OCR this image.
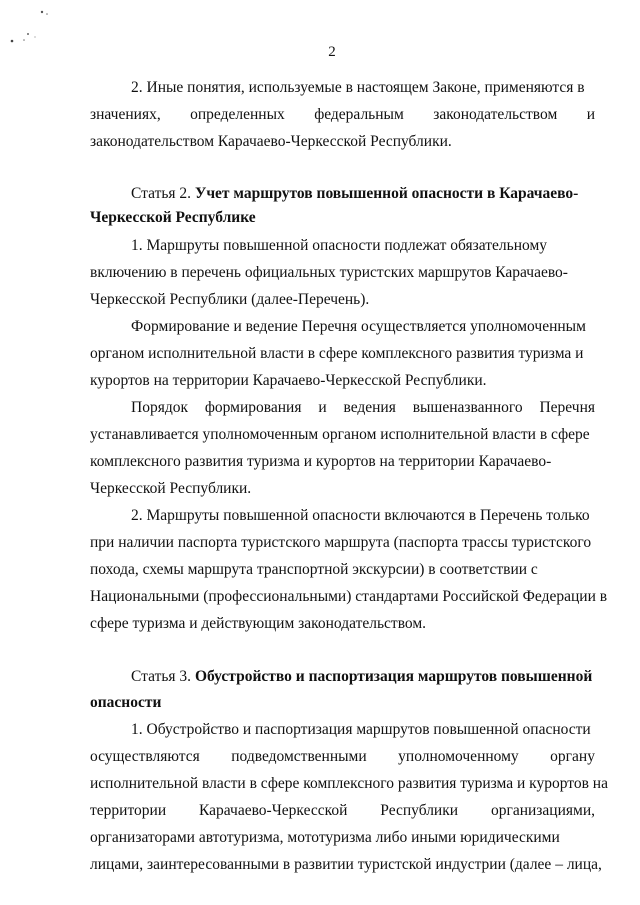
2
2. Иные понятия, используемые в настоящем Законе, применяются в
значениях, определенных федеральным законодательством и
законодательством Карачаево-Черкесской Республики.
Статья 2. Учет маршрутов повышенной опасности в Карачаево-
Черкесской Республике
1. Маршруты повышенной опасности подлежат обязательному
включению в перечень официальных туристских маршрутов Карачаево-
Черкесской Республики (далее-Перечень).
Формирование и ведение Перечня осуществляется уполномоченным
органом исполнительной власти в сфере комплексного развития туризма и
курортов на территории Карачаево-Черкесской Республики.
Порядок формирования и ведения вышеназванного Перечня
устанавливается уполномоченным органом исполнительной власти в сфере
комплексного развития туризма и курортов на территории Карачаево-
Черкесской Республики.
2. Маршруты повышенной опасности включаются в Перечень только
при наличии паспорта туристского маршрута (паспорта трассы туристского
похода, схемы маршрута транспортной экскурсии) в соответствии с
Национальными (профессиональными) стандартами Российской Федерации в
сфере туризма и действующим законодательством.
Статья 3. Обустройство и паспортизация маршрутов повышенной
опасности
1. Обустройство и паспортизация маршрутов повышенной опасности
осуществляются подведомственными уполномоченному органу
исполнительной власти в сфере комплексного развития туризма и курортов на
территории Карачаево-Черкесской Республики организациями,
организаторами автотуризма, мототуризма либо иными юридическими
лицами, заинтересованными в развитии туристской индустрии (далее – лица,
